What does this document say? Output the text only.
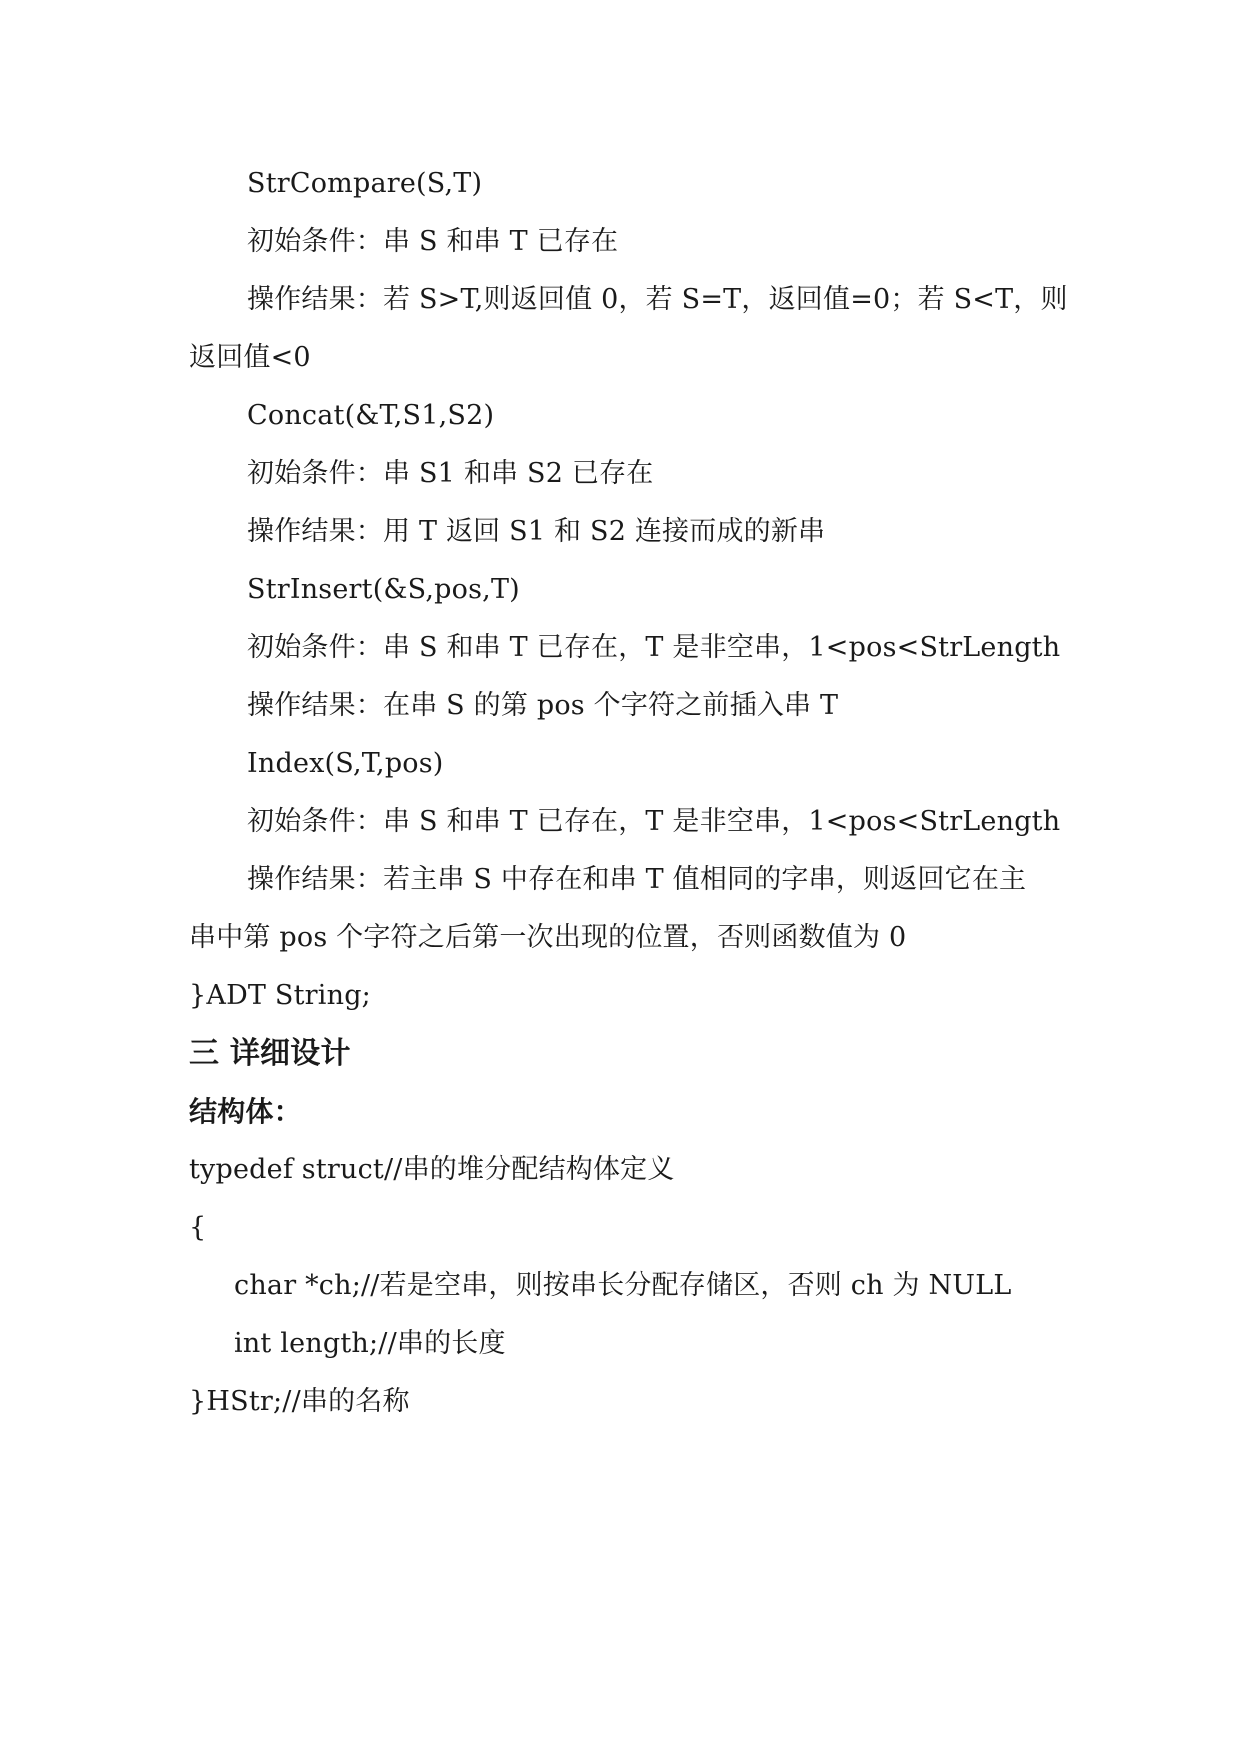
StrCompare(S,T)
初始条件：串 S 和串 T 已存在
操作结果：若 S>T,则返回值 0，若 S=T，返回值=0；若 S<T，则
返回值<0
Concat(&T,S1,S2)
初始条件：串 S1 和串 S2 已存在
操作结果：用 T 返回 S1 和 S2 连接而成的新串
StrInsert(&S,pos,T)
初始条件：串 S 和串 T 已存在，T 是非空串，1<pos<StrLength
操作结果：在串 S 的第 pos 个字符之前插入串 T
Index(S,T,pos)
初始条件：串 S 和串 T 已存在，T 是非空串，1<pos<StrLength
操作结果：若主串 S 中存在和串 T 值相同的字串，则返回它在主
串中第 pos 个字符之后第一次出现的位置，否则函数值为 0
}ADT String;
三 详细设计
结构体：
typedef struct//串的堆分配结构体定义
{
char *ch;//若是空串，则按串长分配存储区，否则 ch 为 NULL
int length;//串的长度
}HStr;//串的名称
